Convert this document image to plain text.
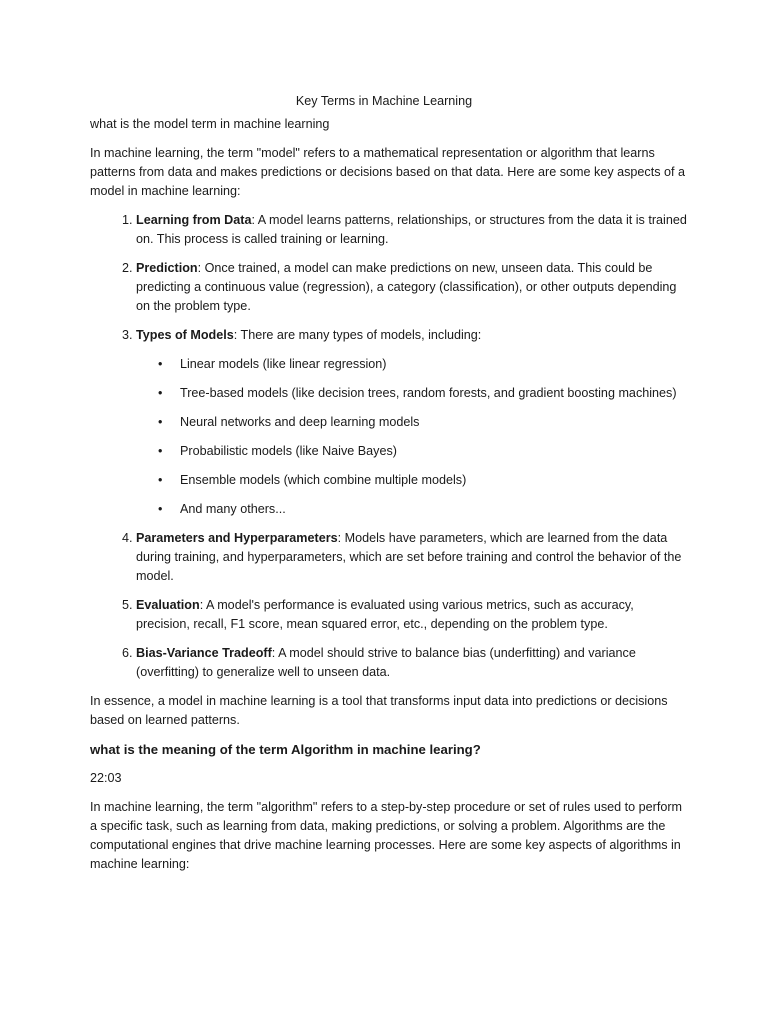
Key Terms in Machine Learning

what is the model term in machine learning

In machine learning, the term "model" refers to a mathematical representation or algorithm that learns patterns from data and makes predictions or decisions based on that data. Here are some key aspects of a model in machine learning:

1. Learning from Data: A model learns patterns, relationships, or structures from the data it is trained on. This process is called training or learning.
2. Prediction: Once trained, a model can make predictions on new, unseen data. This could be predicting a continuous value (regression), a category (classification), or other outputs depending on the problem type.
3. Types of Models: There are many types of models, including:
• Linear models (like linear regression)
• Tree-based models (like decision trees, random forests, and gradient boosting machines)
• Neural networks and deep learning models
• Probabilistic models (like Naive Bayes)
• Ensemble models (which combine multiple models)
• And many others...
4. Parameters and Hyperparameters: Models have parameters, which are learned from the data during training, and hyperparameters, which are set before training and control the behavior of the model.
5. Evaluation: A model's performance is evaluated using various metrics, such as accuracy, precision, recall, F1 score, mean squared error, etc., depending on the problem type.
6. Bias-Variance Tradeoff: A model should strive to balance bias (underfitting) and variance (overfitting) to generalize well to unseen data.

In essence, a model in machine learning is a tool that transforms input data into predictions or decisions based on learned patterns.

what is the meaning of the term Algorithm in machine learing?

22:03

In machine learning, the term "algorithm" refers to a step-by-step procedure or set of rules used to perform a specific task, such as learning from data, making predictions, or solving a problem. Algorithms are the computational engines that drive machine learning processes. Here are some key aspects of algorithms in machine learning:
